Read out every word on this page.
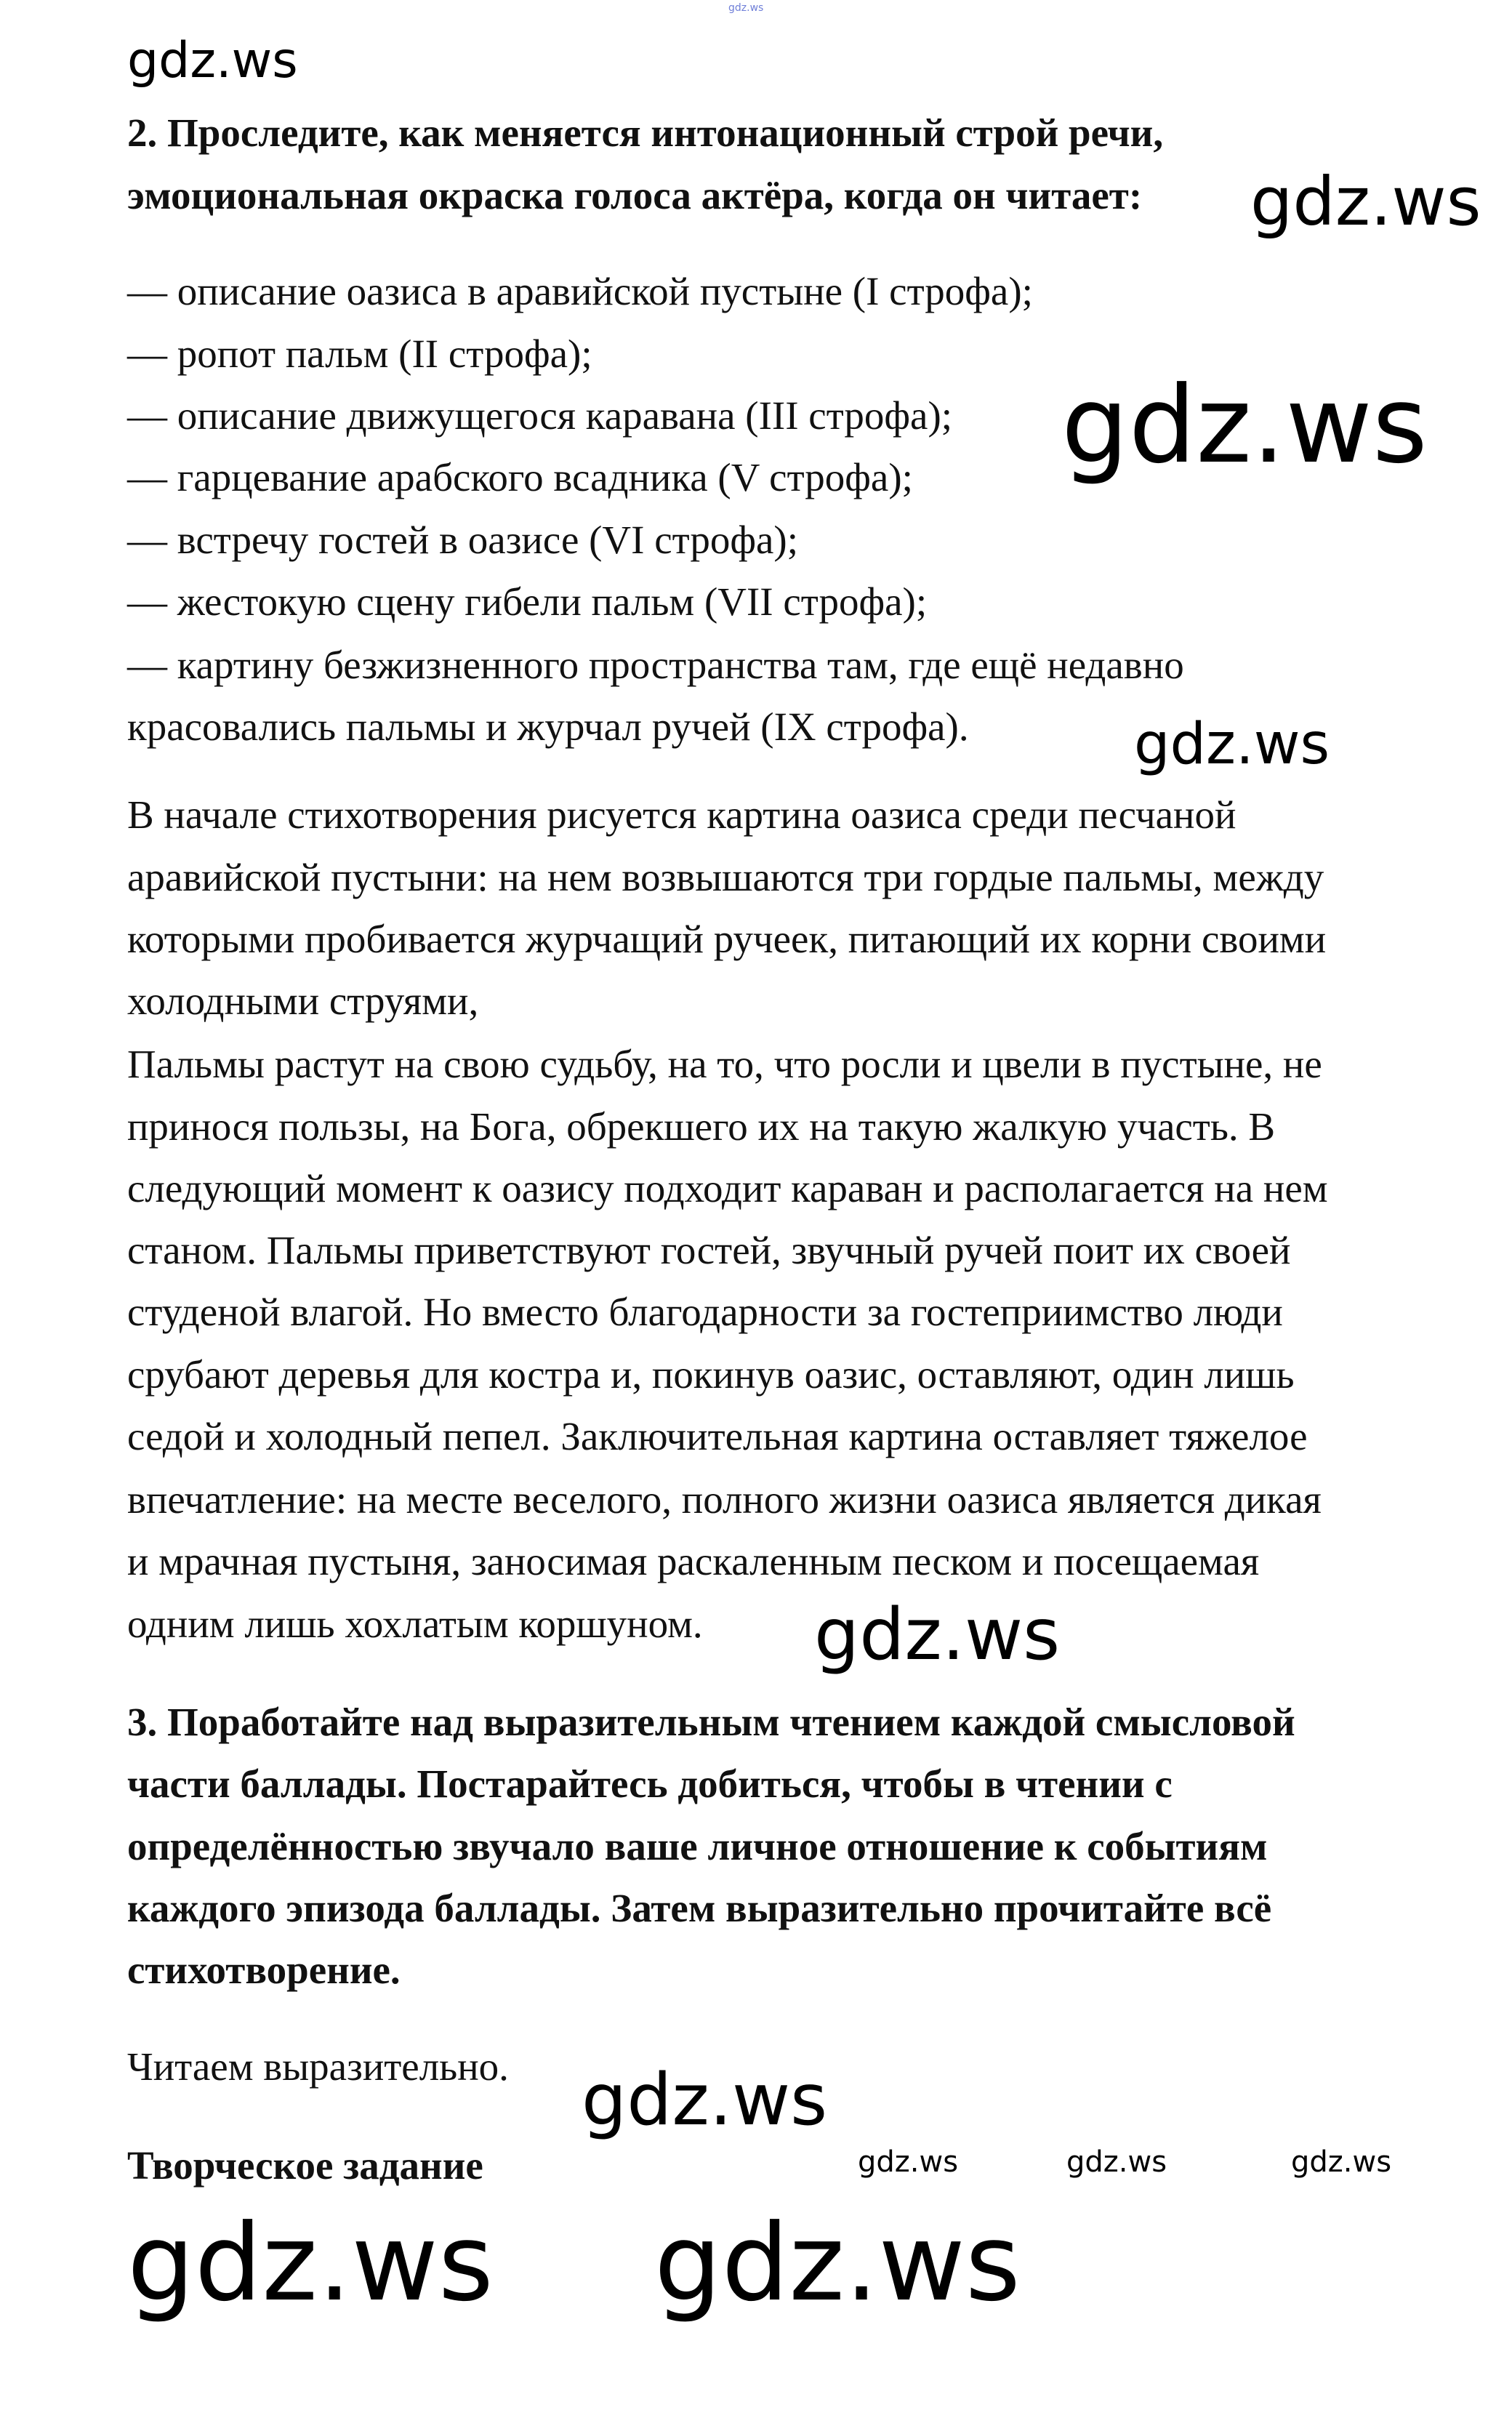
gdz.ws
2. Проследите, как меняется интонационный строй речи,
эмоциональная окраска голоса актёра, когда он читает:
— описание оазиса в аравийской пустыне (I строфа);
— ропот пальм (II строфа);
— описание движущегося каравана (III строфа);
— гарцевание арабского всадника (V строфа);
— встречу гостей в оазисе (VI строфа);
— жестокую сцену гибели пальм (VII строфа);
— картину безжизненного пространства там, где ещё недавно
красовались пальмы и журчал ручей (IX строфа).
В начале стихотворения рисуется картина оазиса среди песчаной
аравийской пустыни: на нем возвышаются три гордые пальмы, между
которыми пробивается журчащий ручеек, питающий их корни своими
холодными струями,
Пальмы растут на свою судьбу, на то, что росли и цвели в пустыне, не
принося пользы, на Бога, обрекшего их на такую жалкую участь. В
следующий момент к оазису подходит караван и располагается на нем
станом. Пальмы приветствуют гостей, звучный ручей поит их своей
студеной влагой. Но вместо благодарности за гостеприимство люди
срубают деревья для костра и, покинув оазис, оставляют, один лишь
седой и холодный пепел. Заключительная картина оставляет тяжелое
впечатление: на месте веселого, полного жизни оазиса является дикая
и мрачная пустыня, заносимая раскаленным песком и посещаемая
одним лишь хохлатым коршуном.
3. Поработайте над выразительным чтением каждой смысловой
части баллады. Постарайтесь добиться, чтобы в чтении с
определённостью звучало ваше личное отношение к событиям
каждого эпизода баллады. Затем выразительно прочитайте всё
стихотворение.
Читаем выразительно.
Творческое задание
gdz.ws
gdz.ws
gdz.ws
gdz.ws
gdz.ws
gdz.ws
gdz.ws
gdz.ws
gdz.ws	gdz.ws	gdz.ws
